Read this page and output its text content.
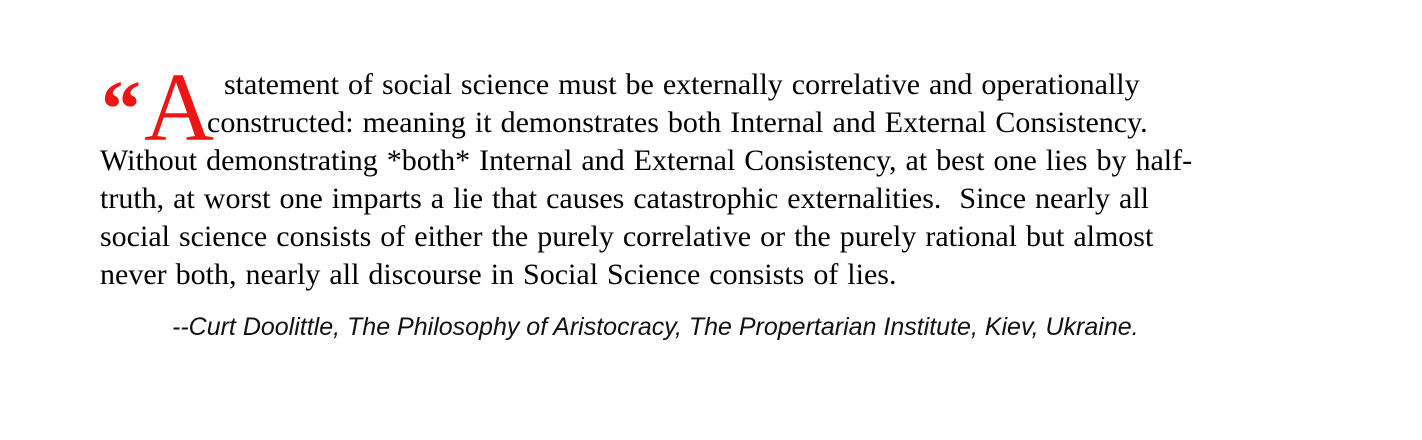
“ A statement of social science must be externally correlative and operationally
constructed: meaning it demonstrates both Internal and External Consistency.
Without demonstrating *both* Internal and External Consistency, at best one lies by half-
truth, at worst one imparts a lie that causes catastrophic externalities.  Since nearly all
social science consists of either the purely correlative or the purely rational but almost
never both, nearly all discourse in Social Science consists of lies.
--Curt Doolittle, The Philosophy of Aristocracy, The Propertarian Institute, Kiev, Ukraine.
